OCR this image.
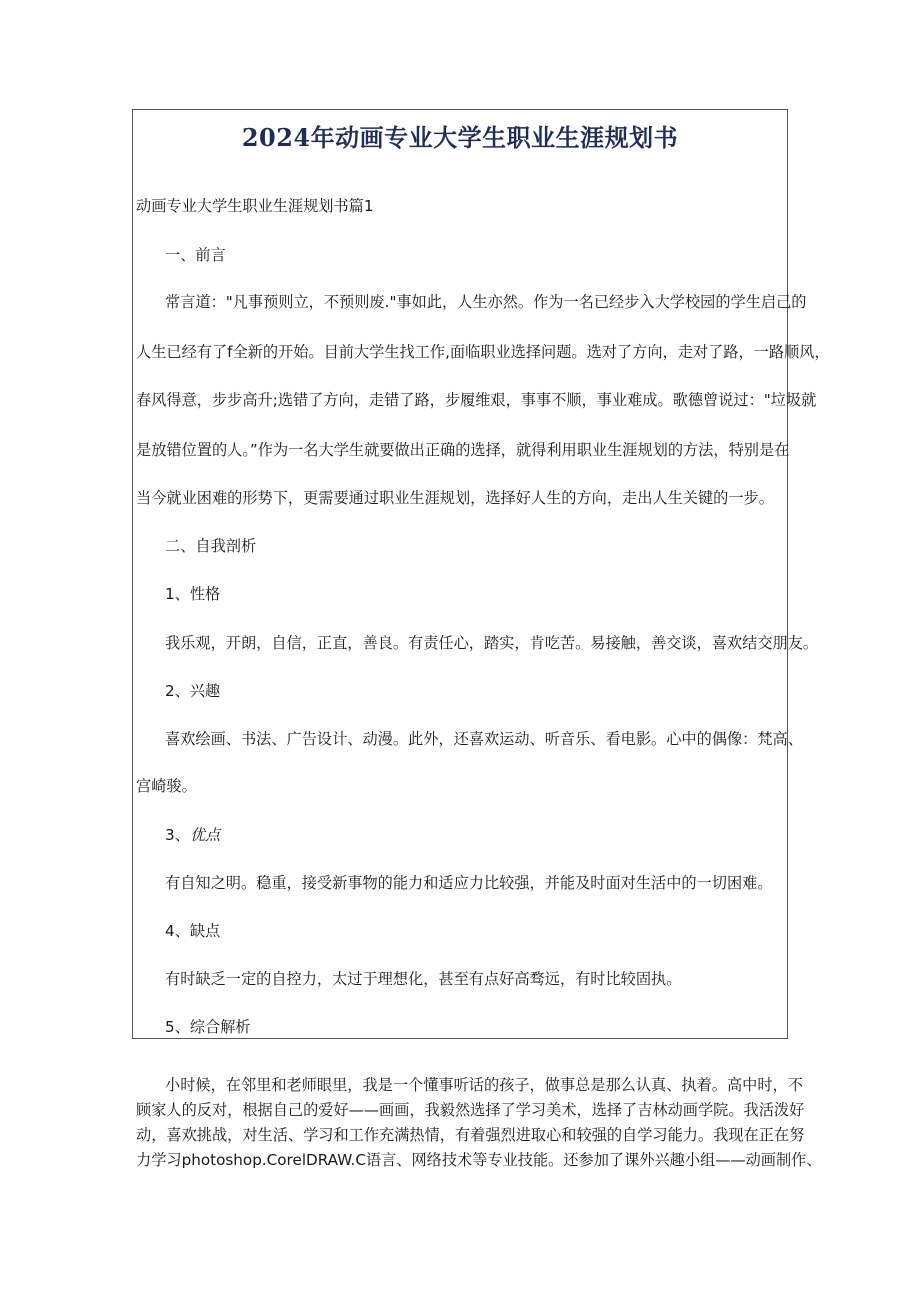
2024年动画专业大学生职业生涯规划书
动画专业大学生职业生涯规划书篇1
一、前言
常言道："凡事预则立，不预则废."事如此，人生亦然。作为一名已经步入大学校园的学生启己的
人生已经有了f全新的开始。目前大学生找工作,面临职业选择问题。选对了方向，走对了路，一路顺风，
春风得意，步步高升;选错了方向，走错了路，步履维艰，事事不顺，事业难成。歌德曾说过："垃圾就
是放错位置的人。”作为一名大学生就要做出正确的选择，就得利用职业生涯规划的方法，特别是在
当今就业困难的形势下，更需要通过职业生涯规划，选择好人生的方向，走出人生关键的一步。
二、自我剖析
1、性格
我乐观，开朗，自信，正直，善良。有责任心，踏实，肯吃苦。易接触，善交谈，喜欢结交朋友。
2、兴趣
喜欢绘画、书法、广告设计、动漫。此外，还喜欢运动、听音乐、看电影。心中的偶像：梵高、
宫崎骏。
3、优点
有自知之明。稳重，接受新事物的能力和适应力比较强，并能及时面对生活中的一切困难。
4、缺点
有时缺乏一定的自控力，太过于理想化，甚至有点好高骛远，有时比较固执。
5、综合解析
小时候，在邻里和老师眼里，我是一个懂事听话的孩子，做事总是那么认真、执着。高中时，不
顾家人的反对，根据自己的爱好——画画，我毅然选择了学习美术，选择了吉林动画学院。我活泼好
动，喜欢挑战，对生活、学习和工作充满热情，有着强烈进取心和较强的自学习能力。我现在正在努
力学习photoshop.CorelDRAW.C语言、网络技术等专业技能。还参加了课外兴趣小组——动画制作、
